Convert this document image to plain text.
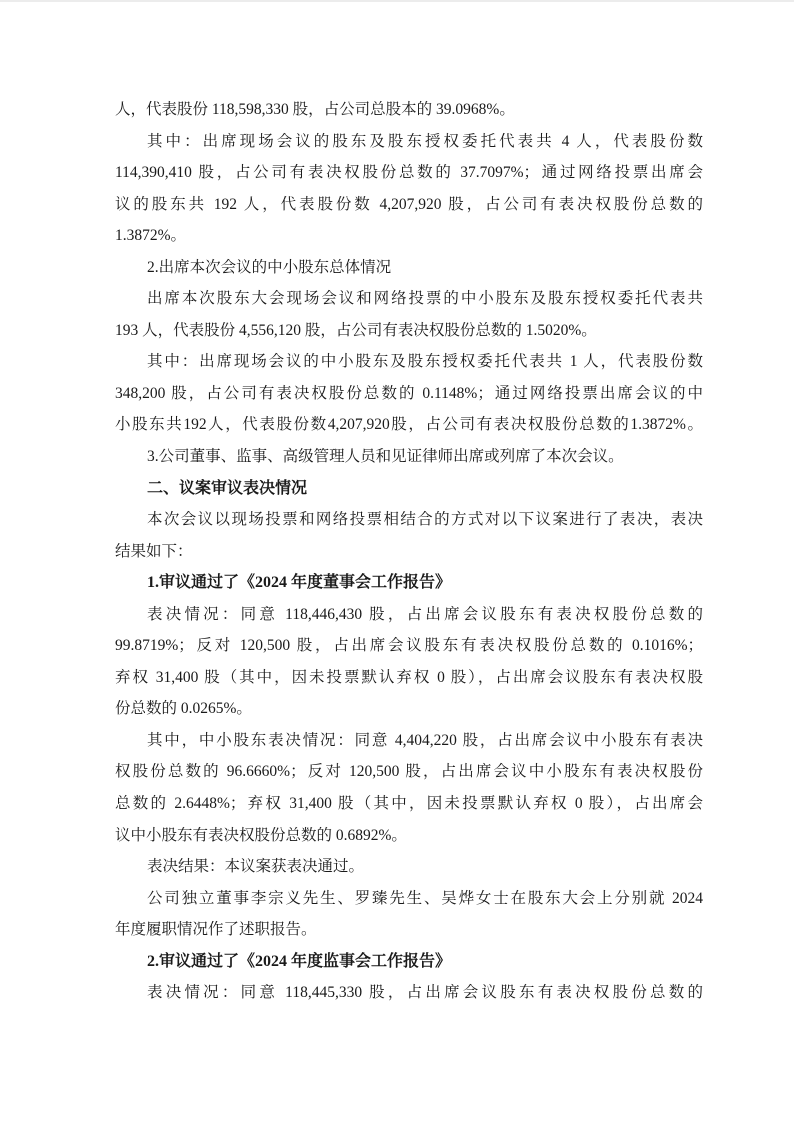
人，代表股份 118,598,330 股，占公司总股本的 39.0968%。
其中：出席现场会议的股东及股东授权委托代表共 4 人，代表股份数
114,390,410 股，占公司有表决权股份总数的 37.7097%；通过网络投票出席会
议的股东共 192 人，代表股份数 4,207,920 股，占公司有表决权股份总数的
1.3872%。
2.出席本次会议的中小股东总体情况
出席本次股东大会现场会议和网络投票的中小股东及股东授权委托代表共
193 人，代表股份 4,556,120 股，占公司有表决权股份总数的 1.5020%。
其中：出席现场会议的中小股东及股东授权委托代表共 1 人，代表股份数
348,200 股，占公司有表决权股份总数的 0.1148%；通过网络投票出席会议的中
小股东共192人，代表股份数4,207,920股，占公司有表决权股份总数的1.3872%。
3.公司董事、监事、高级管理人员和见证律师出席或列席了本次会议。
二、议案审议表决情况
本次会议以现场投票和网络投票相结合的方式对以下议案进行了表决，表决
结果如下：
1.审议通过了《2024 年度董事会工作报告》
表决情况：同意 118,446,430 股，占出席会议股东有表决权股份总数的
99.8719%；反对 120,500 股，占出席会议股东有表决权股份总数的 0.1016%；
弃权 31,400 股（其中，因未投票默认弃权 0 股），占出席会议股东有表决权股
份总数的 0.0265%。
其中，中小股东表决情况：同意 4,404,220 股，占出席会议中小股东有表决
权股份总数的 96.6660%；反对 120,500 股，占出席会议中小股东有表决权股份
总数的 2.6448%；弃权 31,400 股（其中，因未投票默认弃权 0 股），占出席会
议中小股东有表决权股份总数的 0.6892%。
表决结果：本议案获表决通过。
公司独立董事李宗义先生、罗臻先生、吴烨女士在股东大会上分别就 2024
年度履职情况作了述职报告。
2.审议通过了《2024 年度监事会工作报告》
表决情况：同意 118,445,330 股，占出席会议股东有表决权股份总数的
